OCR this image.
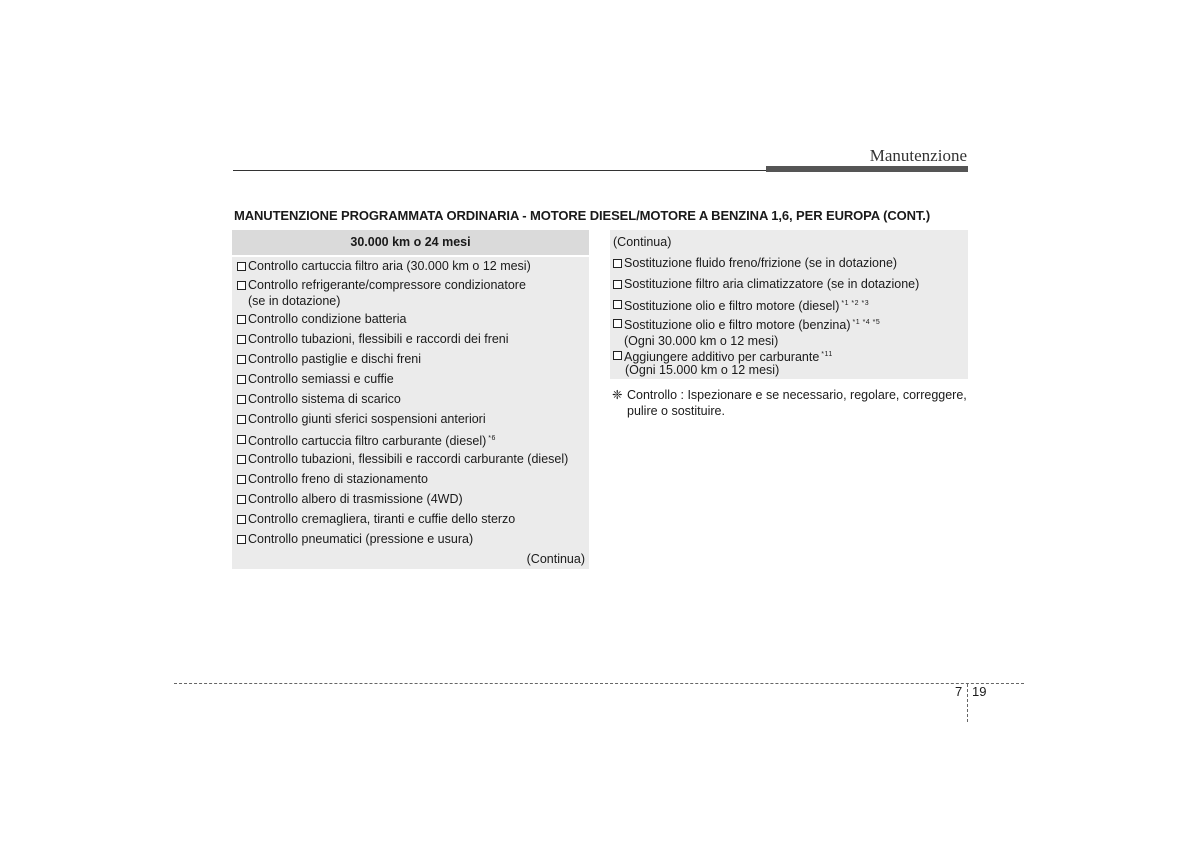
Manutenzione
MANUTENZIONE PROGRAMMATA ORDINARIA - MOTORE DIESEL/MOTORE A BENZINA 1,6, PER EUROPA (CONT.)
30.000 km o 24 mesi
Controllo cartuccia filtro aria (30.000 km o 12 mesi)
Controllo refrigerante/compressore condizionatore
(se in dotazione)
Controllo condizione batteria
Controllo tubazioni, flessibili e raccordi dei freni
Controllo pastiglie e dischi freni
Controllo semiassi e cuffie
Controllo sistema di scarico
Controllo giunti sferici sospensioni anteriori
Controllo cartuccia filtro carburante (diesel) $^{*6}$
Controllo tubazioni, flessibili e raccordi carburante (diesel)
Controllo freno di stazionamento
Controllo albero di trasmissione (4WD)
Controllo cremagliera, tiranti e cuffie dello sterzo
Controllo pneumatici (pressione e usura)
(Continua)
(Continua)
Sostituzione fluido freno/frizione (se in dotazione)
Sostituzione filtro aria climatizzatore (se in dotazione)
Sostituzione olio e filtro motore (diesel) $^{*1 *2 *3}$
Sostituzione olio e filtro motore (benzina) $^{*1 *4 *5}$
(Ogni 30.000 km o 12 mesi)
Aggiungere additivo per carburante $^{*11}$
(Ogni 15.000 km o 12 mesi)
❈ Controllo : Ispezionare e se necessario, regolare, correggere, pulire o sostituire.
7 19
